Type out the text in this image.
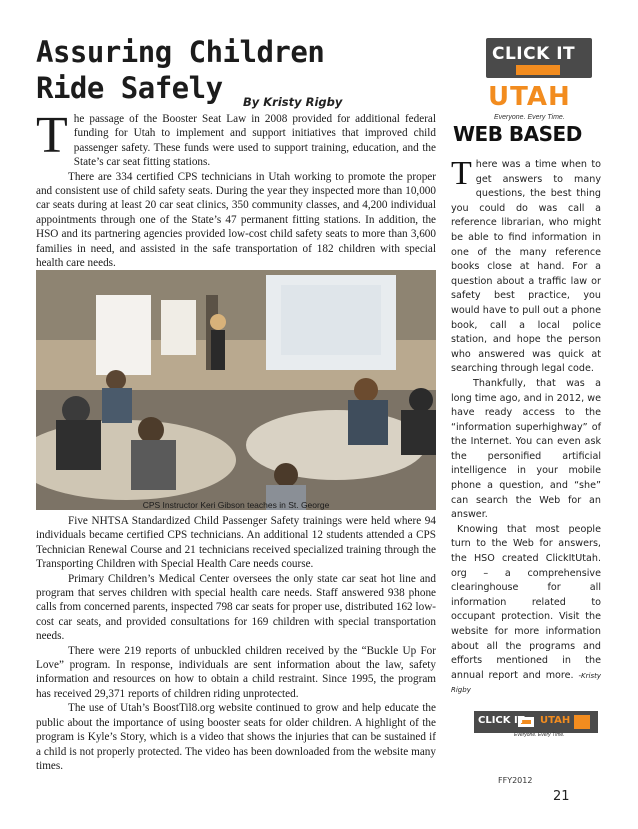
Assuring Children Ride Safely	By Kristy Rigby

The passage of the Booster Seat Law in 2008 provided for additional federal funding for Utah to implement and support initiatives that improved child passenger safety. These funds were used to support training, education, and the State’s car seat fitting stations.

There are 334 certified CPS technicians in Utah working to promote the proper and consistent use of child safety seats. During the year they inspected more than 10,000 car seats during at least 20 car seat clinics, 350 community classes, and 4,200 individual appointments through one of the State’s 47 permanent fitting stations. In addition, the HSO and its partnering agencies provided low-cost child safety seats to more than 3,600 families in need, and assisted in the safe transportation of 182 children with special health care needs.

CPS Instructor Keri Gibson teaches in St. George

Five NHTSA Standardized Child Passenger Safety trainings were held where 94 individuals became certified CPS technicians. An additional 12 students attended a CPS Technician Renewal Course and 21 technicians received specialized training through the Transporting Children with Special Health Care needs course.

Primary Children’s Medical Center oversees the only state car seat hot line and program that serves children with special health care needs. Staff answered 938 phone calls from concerned parents, inspected 798 car seats for proper use, distributed 162 low-cost car seats, and provided consultations for 169 children with special transportation needs.

There were 219 reports of unbuckled children received by the “Buckle Up For Love” program. In response, individuals are sent information about the law, safety information and resources on how to obtain a child restraint. Since 1995, the program has received 29,371 reports of children riding unprotected.

The use of Utah’s BoostTil8.org website continued to grow and help educate the public about the importance of using booster seats for older children. A highlight of the program is Kyle’s Story, which is a video that shows the injuries that can be sustained if a child is not properly protected. The video has been downloaded from the website many times.

CLICK IT
UTAH
Everyone. Every Time.
WEB BASED

There was a time when to get answers to many questions, the best thing you could do was call a reference librarian, who might be able to find information in one of the many reference books close at hand. For a question about a traffic law or safety best practice, you would have to pull out a phone book, call a local police station, and hope the person who answered was quick at searching through legal code.

Thankfully, that was a long time ago, and in 2012, we have ready access to the “information superhighway” of the Internet. You can even ask the personified artificial intelligence in your mobile phone a question, and “she” can search the Web for an answer.

Knowing that most people turn to the Web for answers, the HSO created ClickItUtah. org – a comprehensive clearinghouse for all information related to occupant protection. Visit the website for more information about all the programs and efforts mentioned in the annual report and more. -Kristy Rigby

CLICK IT UTAH
Everyone. Every Time.
FFY2012
21
